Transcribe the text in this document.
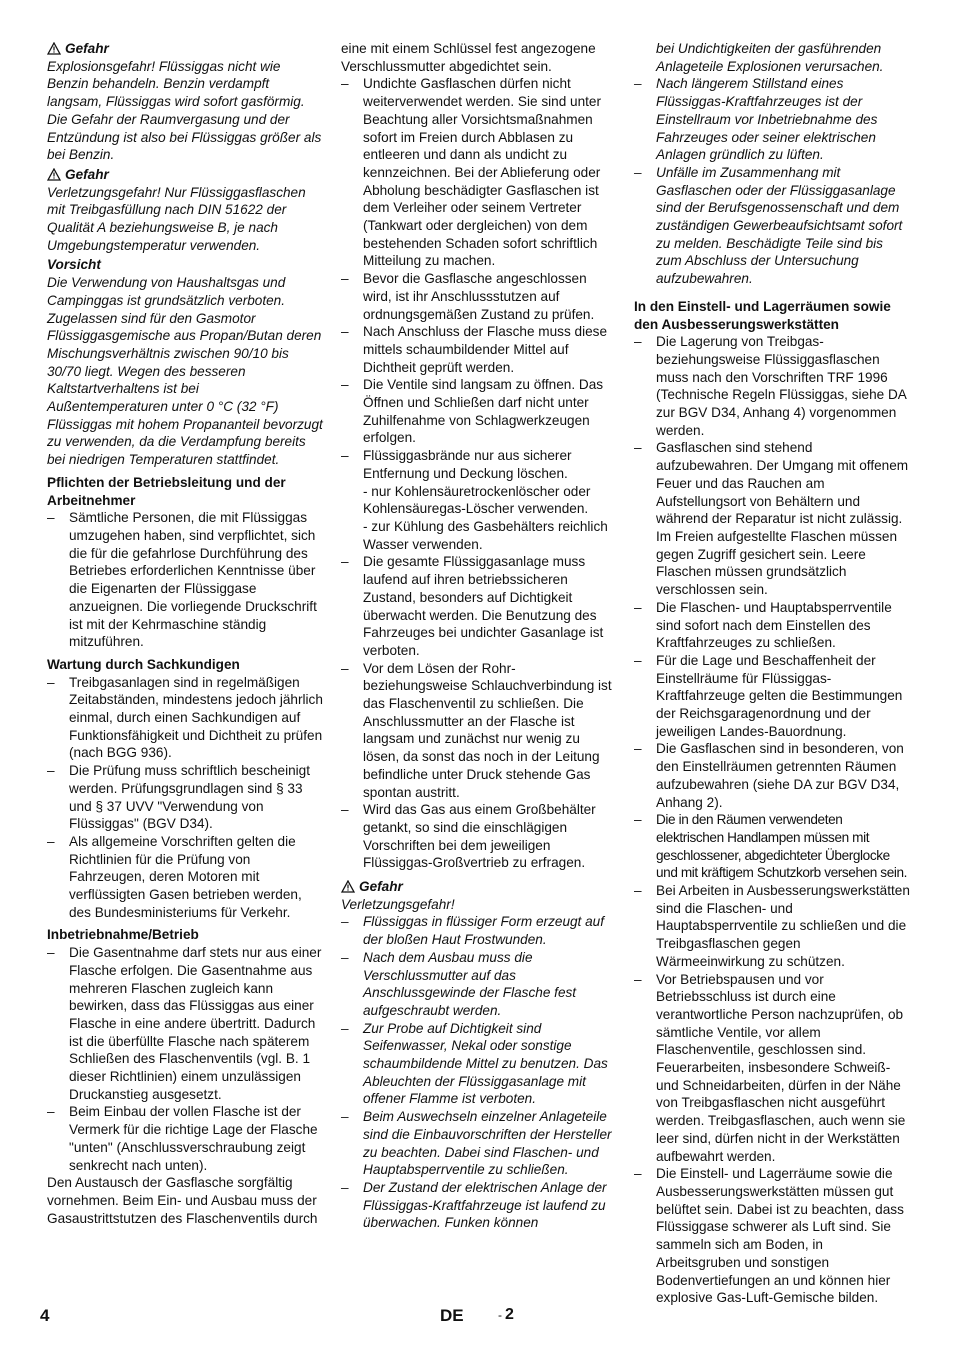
Gefahr

Explosionsgefahr! Flüssiggas nicht wie Benzin behandeln. Benzin verdampft langsam, Flüssiggas wird sofort gasförmig. Die Gefahr der Raumvergasung und der Entzündung ist also bei Flüssiggas größer als bei Benzin.

Gefahr

Verletzungsgefahr! Nur Flüssiggasflaschen mit Treibgasfüllung nach DIN 51622 der Qualität A beziehungsweise B, je nach Umgebungstemperatur verwenden.

Vorsicht

Die Verwendung von Haushaltsgas und Campinggas ist grundsätzlich verboten. Zugelassen sind für den Gasmotor Flüssiggasgemische aus Propan/Butan deren Mischungsverhältnis zwischen 90/10 bis 30/70 liegt. Wegen des besseren Kaltstartverhaltens ist bei Außentemperaturen unter 0 °C (32 °F) Flüssiggas mit hohem Propananteil bevorzugt zu verwenden, da die Verdampfung bereits bei niedrigen Temperaturen stattfindet.

Pflichten der Betriebsleitung und der Arbeitnehmer

– Sämtliche Personen, die mit Flüssiggas umzugehen haben, sind verpflichtet, sich die für die gefahrlose Durchführung des Betriebes erforderlichen Kenntnisse über die Eigenarten der Flüssiggase anzueignen. Die vorliegende Druckschrift ist mit der Kehrmaschine ständig mitzuführen.

Wartung durch Sachkundigen

– Treibgasanlagen sind in regelmäßigen Zeitabständen, mindestens jedoch jährlich einmal, durch einen Sachkundigen auf Funktionsfähigkeit und Dichtheit zu prüfen (nach BGG 936).
– Die Prüfung muss schriftlich bescheinigt werden. Prüfungsgrundlagen sind § 33 und § 37 UVV "Verwendung von Flüssiggas" (BGV D34).
– Als allgemeine Vorschriften gelten die Richtlinien für die Prüfung von Fahrzeugen, deren Motoren mit verflüssigten Gasen betrieben werden, des Bundesministeriums für Verkehr.

Inbetriebnahme/Betrieb

– Die Gasentnahme darf stets nur aus einer Flasche erfolgen. Die Gasentnahme aus mehreren Flaschen zugleich kann bewirken, dass das Flüssiggas aus einer Flasche in eine andere übertritt. Dadurch ist die überfüllte Flasche nach späterem Schließen des Flaschenventils (vgl. B. 1 dieser Richtlinien) einem unzulässigen Druckanstieg ausgesetzt.
– Beim Einbau der vollen Flasche ist der Vermerk für die richtige Lage der Flasche "unten" (Anschlussverschraubung zeigt senkrecht nach unten).

Den Austausch der Gasflasche sorgfältig vornehmen. Beim Ein- und Ausbau muss der Gasaustrittstutzen des Flaschenventils durch

eine mit einem Schlüssel fest angezogene Verschlussmutter abgedichtet sein.

– Undichte Gasflaschen dürfen nicht weiterverwendet werden. Sie sind unter Beachtung aller Vorsichtsmaßnahmen sofort im Freien durch Abblasen zu entleeren und dann als undicht zu kennzeichnen. Bei der Ablieferung oder Abholung beschädigter Gasflaschen ist dem Verleiher oder seinem Vertreter (Tankwart oder dergleichen) von dem bestehenden Schaden sofort schriftlich Mitteilung zu machen.
– Bevor die Gasflasche angeschlossen wird, ist ihr Anschlussstutzen auf ordnungsgemäßen Zustand zu prüfen.
– Nach Anschluss der Flasche muss diese mittels schaumbildender Mittel auf Dichtheit geprüft werden.
– Die Ventile sind langsam zu öffnen. Das Öffnen und Schließen darf nicht unter Zuhilfenahme von Schlagwerkzeugen erfolgen.
– Flüssiggasbrände nur aus sicherer Entfernung und Deckung löschen.
- nur Kohlensäuretrockenlöscher oder Kohlensäuregas-Löscher verwenden.
- zur Kühlung des Gasbehälters reichlich Wasser verwenden.
– Die gesamte Flüssiggasanlage muss laufend auf ihren betriebssicheren Zustand, besonders auf Dichtigkeit überwacht werden. Die Benutzung des Fahrzeuges bei undichter Gasanlage ist verboten.
– Vor dem Lösen der Rohr- beziehungsweise Schlauchverbindung ist das Flaschenventil zu schließen. Die Anschlussmutter an der Flasche ist langsam und zunächst nur wenig zu lösen, da sonst das noch in der Leitung befindliche unter Druck stehende Gas spontan austritt.
– Wird das Gas aus einem Großbehälter getankt, so sind die einschlägigen Vorschriften bei dem jeweiligen Flüssiggas-Großvertrieb zu erfragen.

Gefahr

Verletzungsgefahr!

– Flüssiggas in flüssiger Form erzeugt auf der bloßen Haut Frostwunden.
– Nach dem Ausbau muss die Verschlussmutter auf das Anschlussgewinde der Flasche fest aufgeschraubt werden.
– Zur Probe auf Dichtigkeit sind Seifenwasser, Nekal oder sonstige schaumbildende Mittel zu benutzen. Das Ableuchten der Flüssiggasanlage mit offener Flamme ist verboten.
– Beim Auswechseln einzelner Anlageteile sind die Einbauvorschriften der Hersteller zu beachten. Dabei sind Flaschen- und Hauptabsperrventile zu schließen.
– Der Zustand der elektrischen Anlage der Flüssiggas-Kraftfahrzeuge ist laufend zu überwachen. Funken können

bei Undichtigkeiten der gasführenden Anlageteile Explosionen verursachen.

– Nach längerem Stillstand eines Flüssiggas-Kraftfahrzeuges ist der Einstellraum vor Inbetriebnahme des Fahrzeuges oder seiner elektrischen Anlagen gründlich zu lüften.
– Unfälle im Zusammenhang mit Gasflaschen oder der Flüssiggasanlage sind der Berufsgenossenschaft und dem zuständigen Gewerbeaufsichtsamt sofort zu melden. Beschädigte Teile sind bis zum Abschluss der Untersuchung aufzubewahren.

In den Einstell- und Lagerräumen sowie den Ausbesserungswerkstätten

– Die Lagerung von Treibgas- beziehungsweise Flüssiggasflaschen muss nach den Vorschriften TRF 1996 (Technische Regeln Flüssiggas, siehe DA zur BGV D34, Anhang 4) vorgenommen werden.
– Gasflaschen sind stehend aufzubewahren. Der Umgang mit offenem Feuer und das Rauchen am Aufstellungsort von Behältern und während der Reparatur ist nicht zulässig. Im Freien aufgestellte Flaschen müssen gegen Zugriff gesichert sein. Leere Flaschen müssen grundsätzlich verschlossen sein.
– Die Flaschen- und Hauptabsperrventile sind sofort nach dem Einstellen des Kraftfahrzeuges zu schließen.
– Für die Lage und Beschaffenheit der Einstellräume für Flüssiggas-Kraftfahrzeuge gelten die Bestimmungen der Reichsgaragenordnung und der jeweiligen Landes-Bauordnung.
– Die Gasflaschen sind in besonderen, von den Einstellräumen getrennten Räumen aufzubewahren (siehe DA zur BGV D34, Anhang 2).
– Die in den Räumen verwendeten elektrischen Handlampen müssen mit geschlossener, abgedichteter Überglocke und mit kräftigem Schutzkorb versehen sein.
– Bei Arbeiten in Ausbesserungswerkstätten sind die Flaschen- und Hauptabsperrventile zu schließen und die Treibgasflaschen gegen Wärmeeinwirkung zu schützen.
– Vor Betriebspausen und vor Betriebsschluss ist durch eine verantwortliche Person nachzuprüfen, ob sämtliche Ventile, vor allem Flaschenventile, geschlossen sind. Feuerarbeiten, insbesondere Schweiß- und Schneidarbeiten, dürfen in der Nähe von Treibgasflaschen nicht ausgeführt werden. Treibgasflaschen, auch wenn sie leer sind, dürfen nicht in der Werkstätten aufbewahrt werden.
– Die Einstell- und Lagerräume sowie die Ausbesserungswerkstätten müssen gut belüftet sein. Dabei ist zu beachten, dass Flüssiggase schwerer als Luft sind. Sie sammeln sich am Boden, in Arbeitsgruben und sonstigen Bodenvertiefungen an und können hier explosive Gas-Luft-Gemische bilden.
4	DE	- 2
